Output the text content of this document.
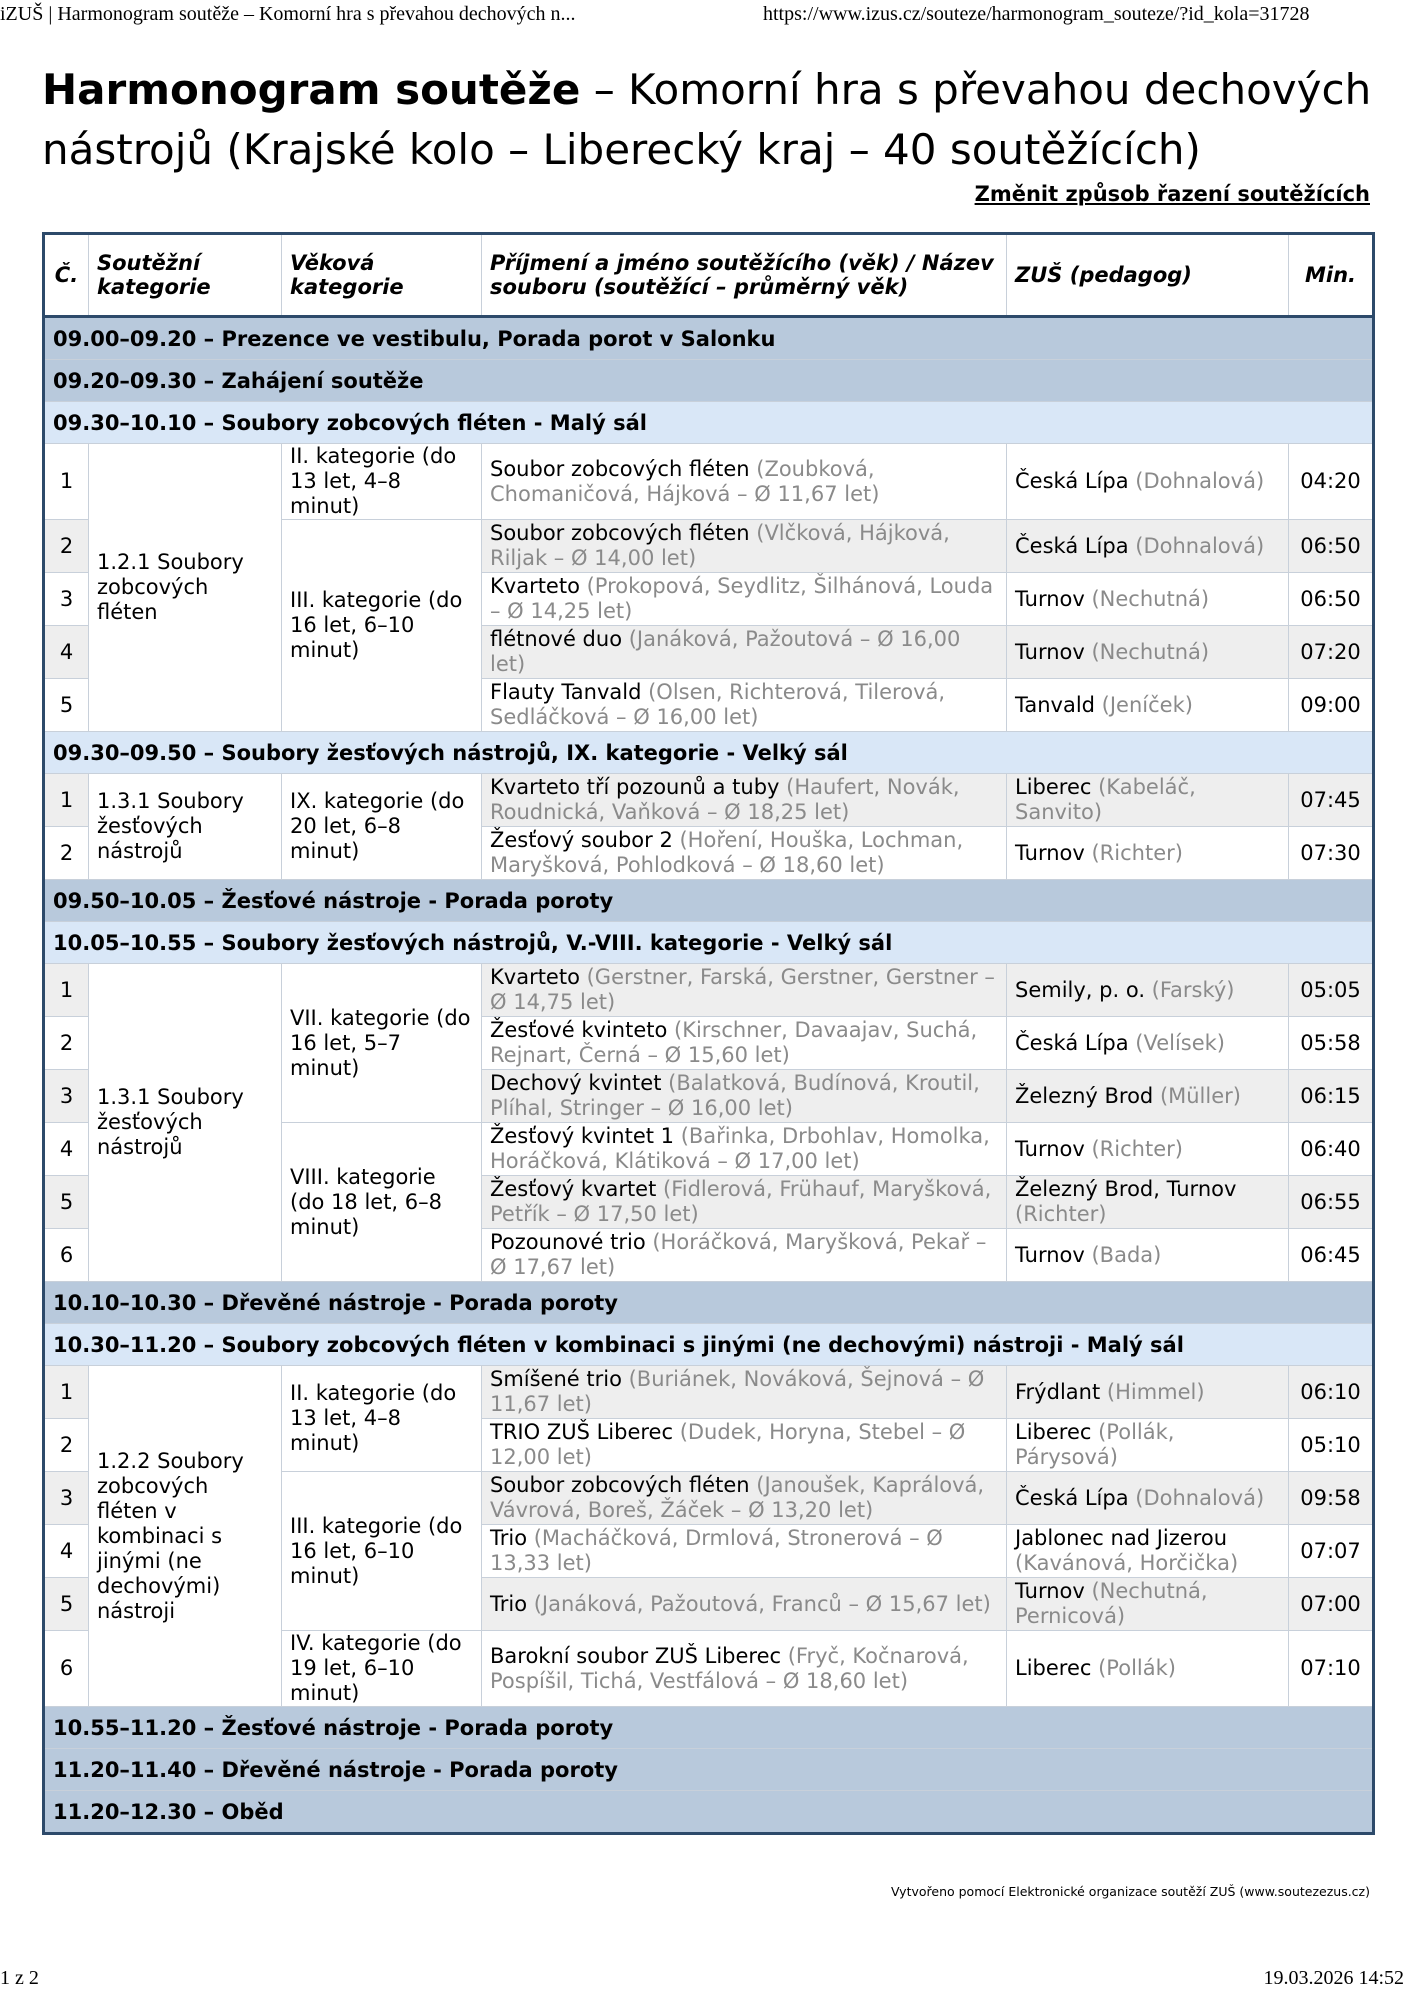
iZUŠ | Harmonogram soutěže – Komorní hra s převahou dechových n...	https://www.izus.cz/souteze/harmonogram_souteze/?id_kola=31728
Harmonogram soutěže – Komorní hra s převahou dechových nástrojů (Krajské kolo – Liberecký kraj – 40 soutěžících)
Změnit způsob řazení soutěžících
Č.	Soutěžní kategorie	Věková kategorie	Příjmení a jméno soutěžícího (věk) / Název souboru (soutěžící – průměrný věk)	ZUŠ (pedagog)	Min.
09.00–09.20 – Prezence ve vestibulu, Porada porot v Salonku					
09.20–09.30 – Zahájení soutěže					
09.30–10.10 – Soubory zobcových fléten - Malý sál					
1	1.2.1 Soubory zobcových fléten	II. kategorie (do 13 let, 4–8 minut)	Soubor zobcových fléten (Zoubková, Chomaničová, Hájková – Ø 11,67 let)	Česká Lípa (Dohnalová)	04:20
2		III. kategorie (do 16 let, 6–10 minut)	Soubor zobcových fléten (Vlčková, Hájková, Riljak – Ø 14,00 let)	Česká Lípa (Dohnalová)	06:50
3			Kvarteto (Prokopová, Seydlitz, Šilhánová, Louda – Ø 14,25 let)	Turnov (Nechutná)	06:50
4			flétnové duo (Janáková, Pažoutová – Ø 16,00 let)	Turnov (Nechutná)	07:20
5			Flauty Tanvald (Olsen, Richterová, Tilerová, Sedláčková – Ø 16,00 let)	Tanvald (Jeníček)	09:00
09.30–09.50 – Soubory žesťových nástrojů, IX. kategorie - Velký sál					
1	1.3.1 Soubory žesťových nástrojů	IX. kategorie (do 20 let, 6–8 minut)	Kvarteto tří pozounů a tuby (Haufert, Novák, Roudnická, Vaňková – Ø 18,25 let)	Liberec (Kabeláč, Sanvito)	07:45
2			Žesťový soubor 2 (Hoření, Houška, Lochman, Maryšková, Pohlodková – Ø 18,60 let)	Turnov (Richter)	07:30
09.50–10.05 – Žesťové nástroje - Porada poroty					
10.05–10.55 – Soubory žesťových nástrojů, V.-VIII. kategorie - Velký sál					
1	1.3.1 Soubory žesťových nástrojů	VII. kategorie (do 16 let, 5–7 minut)	Kvarteto (Gerstner, Farská, Gerstner, Gerstner – Ø 14,75 let)	Semily, p. o. (Farský)	05:05
2			Žesťové kvinteto (Kirschner, Davaajav, Suchá, Rejnart, Černá – Ø 15,60 let)	Česká Lípa (Velísek)	05:58
3			Dechový kvintet (Balatková, Budínová, Kroutil, Plíhal, Stringer – Ø 16,00 let)	Železný Brod (Müller)	06:15
4		VIII. kategorie (do 18 let, 6–8 minut)	Žesťový kvintet 1 (Bařinka, Drbohlav, Homolka, Horáčková, Klátiková – Ø 17,00 let)	Turnov (Richter)	06:40
5			Žesťový kvartet (Fidlerová, Frühauf, Maryšková, Petřík – Ø 17,50 let)	Železný Brod, Turnov (Richter)	06:55
6			Pozounové trio (Horáčková, Maryšková, Pekař – Ø 17,67 let)	Turnov (Bada)	06:45
10.10–10.30 – Dřevěné nástroje - Porada poroty					
10.30–11.20 – Soubory zobcových fléten v kombinaci s jinými (ne dechovými) nástroji - Malý sál					
1	1.2.2 Soubory zobcových fléten v kombinaci s jinými (ne dechovými) nástroji	II. kategorie (do 13 let, 4–8 minut)	Smíšené trio (Buriánek, Nováková, Šejnová – Ø 11,67 let)	Frýdlant (Himmel)	06:10
2			TRIO ZUŠ Liberec (Dudek, Horyna, Stebel – Ø 12,00 let)	Liberec (Pollák, Párysová)	05:10
3		III. kategorie (do 16 let, 6–10 minut)	Soubor zobcových fléten (Janoušek, Kaprálová, Vávrová, Boreš, Žáček – Ø 13,20 let)	Česká Lípa (Dohnalová)	09:58
4			Trio (Macháčková, Drmlová, Stronerová – Ø 13,33 let)	Jablonec nad Jizerou (Kavánová, Horčička)	07:07
5			Trio (Janáková, Pažoutová, Franců – Ø 15,67 let)	Turnov (Nechutná, Pernicová)	07:00
6		IV. kategorie (do 19 let, 6–10 minut)	Barokní soubor ZUŠ Liberec (Fryč, Kočnarová, Pospíšil, Tichá, Vestfálová – Ø 18,60 let)	Liberec (Pollák)	07:10
10.55–11.20 – Žesťové nástroje - Porada poroty					
11.20–11.40 – Dřevěné nástroje - Porada poroty					
11.20–12.30 – Oběd					
Vytvořeno pomocí Elektronické organizace soutěží ZUŠ (www.soutezezus.cz)
1 z 2	19.03.2026 14:52
